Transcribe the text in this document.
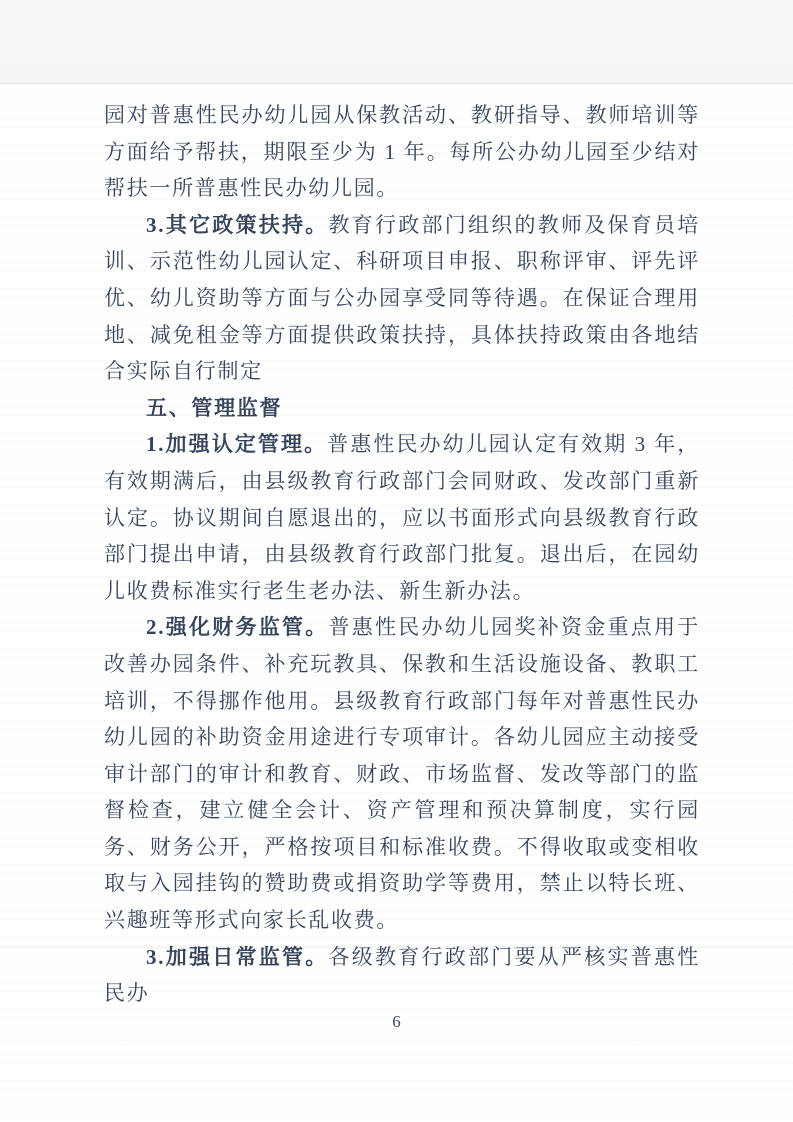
园对普惠性民办幼儿园从保教活动、教研指导、教师培训等方面给予帮扶，期限至少为 1 年。每所公办幼儿园至少结对帮扶一所普惠性民办幼儿园。

3.其它政策扶持。教育行政部门组织的教师及保育员培训、示范性幼儿园认定、科研项目申报、职称评审、评先评优、幼儿资助等方面与公办园享受同等待遇。在保证合理用地、减免租金等方面提供政策扶持，具体扶持政策由各地结合实际自行制定

五、管理监督

1.加强认定管理。普惠性民办幼儿园认定有效期 3 年，有效期满后，由县级教育行政部门会同财政、发改部门重新认定。协议期间自愿退出的，应以书面形式向县级教育行政部门提出申请，由县级教育行政部门批复。退出后，在园幼儿收费标准实行老生老办法、新生新办法。

2.强化财务监管。普惠性民办幼儿园奖补资金重点用于改善办园条件、补充玩教具、保教和生活设施设备、教职工培训，不得挪作他用。县级教育行政部门每年对普惠性民办幼儿园的补助资金用途进行专项审计。各幼儿园应主动接受审计部门的审计和教育、财政、市场监督、发改等部门的监督检查，建立健全会计、资产管理和预决算制度，实行园务、财务公开，严格按项目和标准收费。不得收取或变相收取与入园挂钩的赞助费或捐资助学等费用，禁止以特长班、兴趣班等形式向家长乱收费。

3.加强日常监管。各级教育行政部门要从严核实普惠性民办

6
